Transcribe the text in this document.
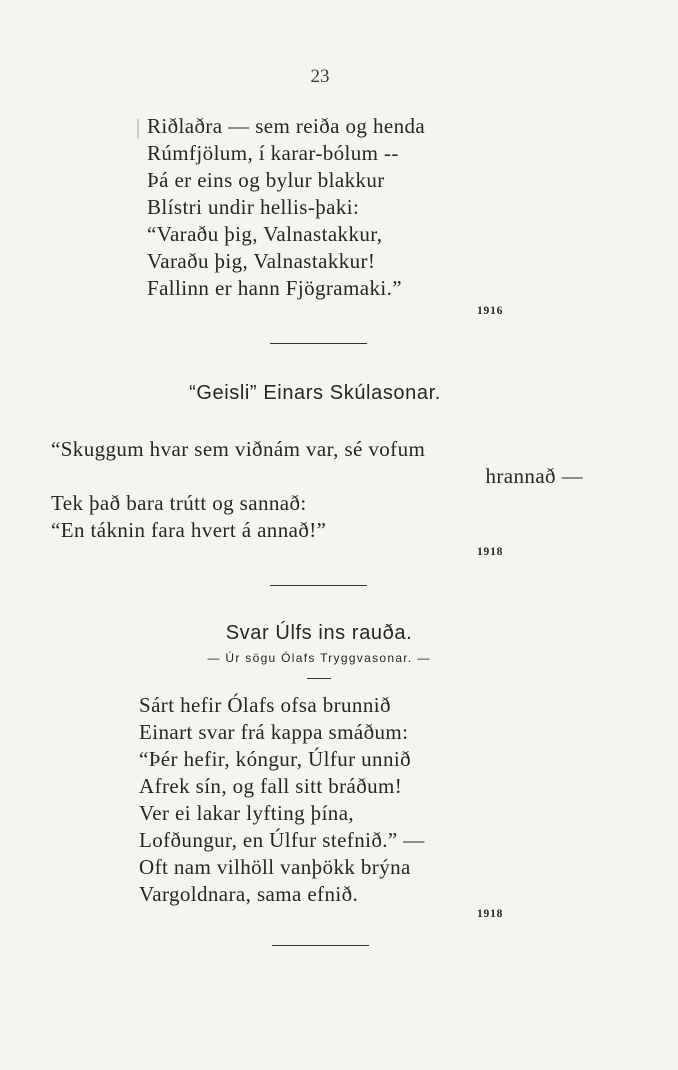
23
Riðlaðra — sem reiða og henda
Rúmfjölum, í karar-bólum --
Þá er eins og bylur blakkur
Blístri undir hellis-þaki:
“Varaðu þig, Valnastakkur,
Varaðu þig, Valnastakkur!
Fallinn er hann Fjögramaki.”
1916
“Geisli” Einars Skúlasonar.
“Skuggum hvar sem viðnám var, sé vofum
hrannað —
Tek það bara trútt og sannað:
“En táknin fara hvert á annað!”
1918
Svar Úlfs ins rauða.
— Úr sögu Ólafs Tryggvasonar. —
Sárt hefir Ólafs ofsa brunnið
Einart svar frá kappa smáðum:
“Þér hefir, kóngur, Úlfur unnið
Afrek sín, og fall sitt bráðum!
Ver ei lakar lyfting þína,
Lofðungur, en Úlfur stefnið.” —
Oft nam vilhöll vanþökk brýna
Vargoldnara, sama efnið.
1918
